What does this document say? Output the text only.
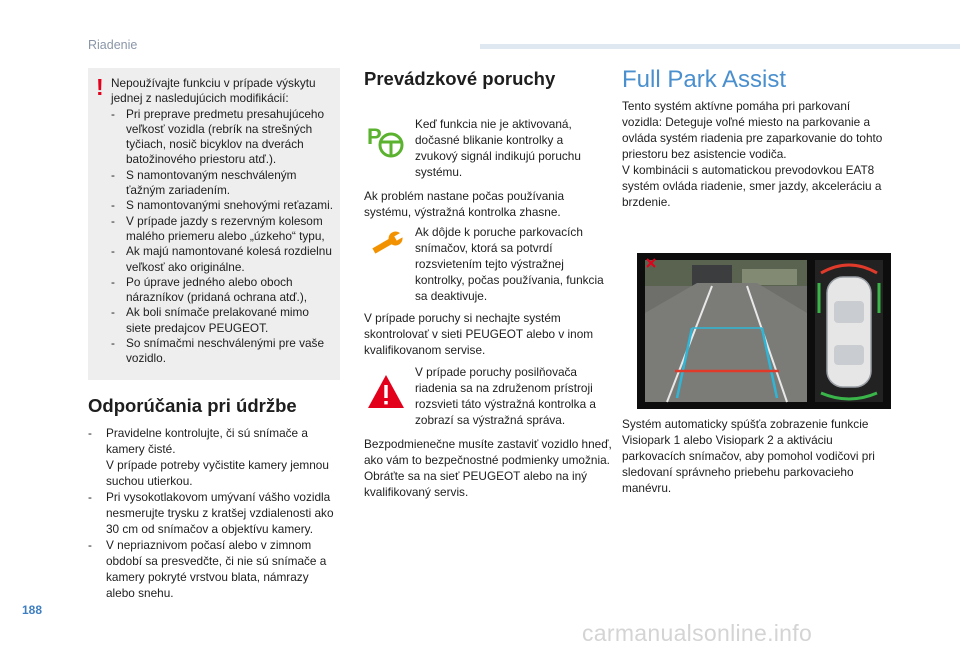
Riadenie
! Nepoužívajte funkciu v prípade výskytu jednej z nasledujúcich modifikácií:
- Pri preprave predmetu presahujúceho veľkosť vozidla (rebrík na strešných tyčiach, nosič bicyklov na dverách batožinového priestoru atď.).
- S namontovaným neschváleným ťažným zariadením.
- S namontovanými snehovými reťazami.
- V prípade jazdy s rezervným kolesom malého priemeru alebo „úzkeho“ typu,
- Ak majú namontované kolesá rozdielnu veľkosť ako originálne.
- Po úprave jedného alebo oboch nárazníkov (pridaná ochrana atď.),
- Ak boli snímače prelakované mimo siete predajcov PEUGEOT.
- So snímačmi neschválenými pre vaše vozidlo.
Odporúčania pri údržbe
- Pravidelne kontrolujte, či sú snímače a kamery čisté.
V prípade potreby vyčistite kamery jemnou suchou utierkou.
- Pri vysokotlakovom umývaní vášho vozidla nesmerujte trysku z kratšej vzdialenosti ako 30 cm od snímačov a objektívu kamery.
- V nepriaznivom počasí alebo v zimnom období sa presvedčte, či nie sú snímače a kamery pokryté vrstvou blata, námrazy alebo snehu.
Prevádzkové poruchy
P	Keď funkcia nie je aktivovaná, dočasné blikanie kontrolky a zvukový signál indikujú poruchu systému.
Ak problém nastane počas používania systému, výstražná kontrolka zhasne.
Ak dôjde k poruche parkovacích snímačov, ktorá sa potvrdí rozsvietením tejto výstražnej kontrolky, počas používania, funkcia sa deaktivuje.
V prípade poruchy si nechajte systém skontrolovať v sieti PEUGEOT alebo v inom kvalifikovanom servise.
V prípade poruchy posilňovača riadenia sa na združenom prístroji rozsvieti táto výstražná kontrolka a zobrazí sa výstražná správa.
Bezpodmienečne musíte zastaviť vozidlo hneď, ako vám to bezpečnostné podmienky umožnia. Obráťte sa na sieť PEUGEOT alebo na iný kvalifikovaný servis.
Full Park Assist
Tento systém aktívne pomáha pri parkovaní vozidla: Deteguje voľné miesto na parkovanie a ovláda systém riadenia pre zaparkovanie do tohto priestoru bez asistencie vodiča.
V kombinácii s automatickou prevodovkou EAT8 systém ovláda riadenie, smer jazdy, akceleráciu a brzdenie.
Systém automaticky spúšťa zobrazenie funkcie Visiopark 1 alebo Visiopark 2 a aktiváciu parkovacích snímačov, aby pomohol vodičovi pri sledovaní správneho priebehu parkovacieho manévru.
188
carmanualsonline.info
